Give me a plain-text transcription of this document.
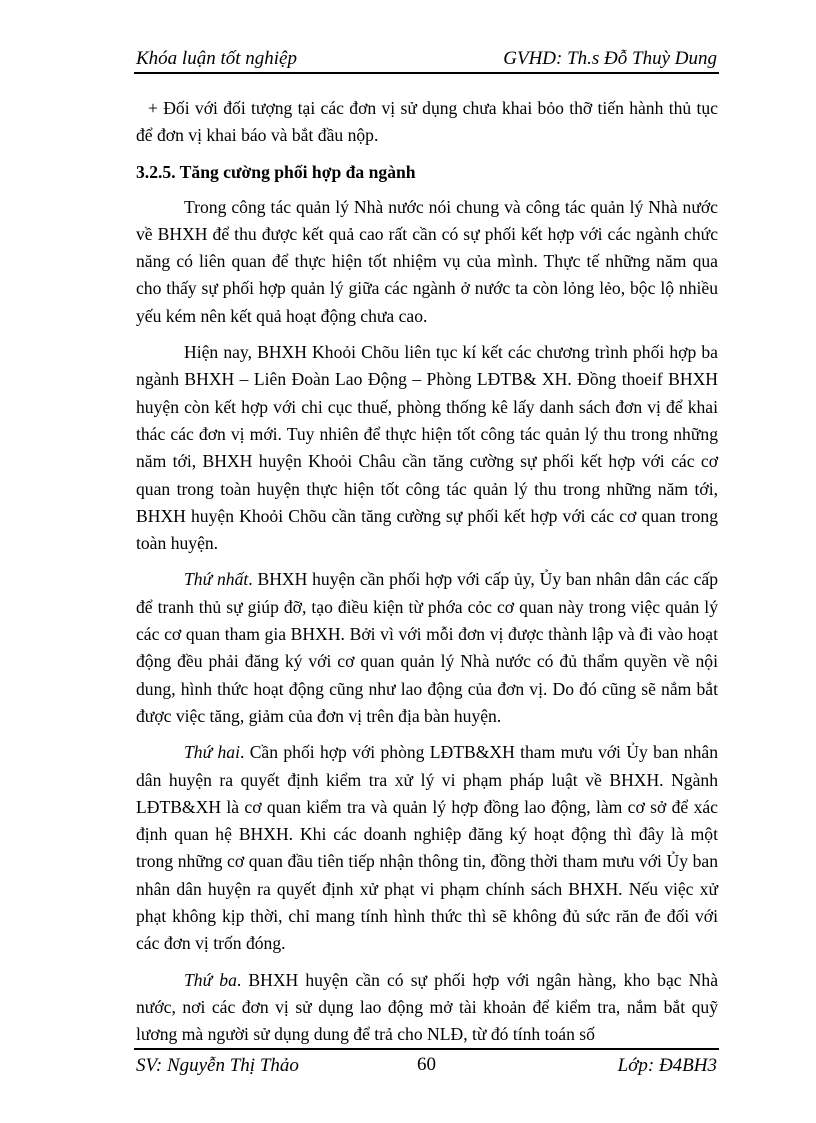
Khóa luận tốt nghiệp	GVHD: Th.s Đỗ Thuỳ Dung

+ Đối với đối tượng tại các đơn vị sử dụng chưa khai bỏo thỡ tiến hành thủ tục để đơn vị khai báo và bắt đầu nộp.

3.2.5. Tăng cường phối hợp đa ngành

Trong công tác quản lý Nhà nước nói chung và công tác quản lý Nhà nước về BHXH để thu được kết quả cao rất cần có sự phối kết hợp với các ngành chức năng có liên quan để thực hiện tốt nhiệm vụ của mình. Thực tế những năm qua cho thấy sự phối hợp quản lý giữa các ngành ở nước ta còn lỏng lẻo, bộc lộ nhiều yếu kém nên kết quả hoạt động chưa cao.

Hiện nay, BHXH Khoỏi Chõu liên tục kí kết các chương trình phối hợp ba ngành BHXH – Liên Đoàn Lao Động – Phòng LĐTB& XH. Đồng thoeif BHXH huyện còn kết hợp với chi cục thuế, phòng thống kê lấy danh sách đơn vị để khai thác các đơn vị mới. Tuy nhiên để thực hiện tốt công tác quản lý thu trong những năm tới, BHXH huyện Khoỏi Châu cần tăng cường sự phối kết hợp với các cơ quan trong toàn huyện thực hiện tốt công tác quản lý thu trong những năm tới, BHXH huyện Khoỏi Chõu cần tăng cường sự phối kết hợp với các cơ quan trong toàn huyện.

Thứ nhất. BHXH huyện cần phối hợp với cấp ủy, Ủy ban nhân dân các cấp để tranh thủ sự giúp đỡ, tạo điều kiện từ phớa cỏc cơ quan này trong việc quản lý các cơ quan tham gia BHXH. Bởi vì với mỗi đơn vị được thành lập và đi vào hoạt động đều phải đăng ký với cơ quan quản lý Nhà nước có đủ thẩm quyền về nội dung, hình thức hoạt động cũng như lao động của đơn vị. Do đó cũng sẽ nắm bắt được việc tăng, giảm của đơn vị trên địa bàn huyện.

Thứ hai. Cần phối hợp với phòng LĐTB&XH tham mưu với Ủy ban nhân dân huyện ra quyết định kiểm tra xử lý vi phạm pháp luật về BHXH. Ngành LĐTB&XH là cơ quan kiểm tra và quản lý hợp đồng lao động, làm cơ sở để xác định quan hệ BHXH. Khi các doanh nghiệp đăng ký hoạt động thì đây là một trong những cơ quan đầu tiên tiếp nhận thông tin, đồng thời tham mưu với Ủy ban nhân dân huyện ra quyết định xử phạt vi phạm chính sách BHXH. Nếu việc xử phạt không kịp thời, chỉ mang tính hình thức thì sẽ không đủ sức răn đe đối với các đơn vị trốn đóng.

Thứ ba. BHXH huyện cần có sự phối hợp với ngân hàng, kho bạc Nhà nước, nơi các đơn vị sử dụng lao động mở tài khoản để kiểm tra, nắm bắt quỹ lương mà người sử dụng dung để trả cho NLĐ, từ đó tính toán số

SV: Nguyễn Thị Thảo	60	Lớp: Đ4BH3
